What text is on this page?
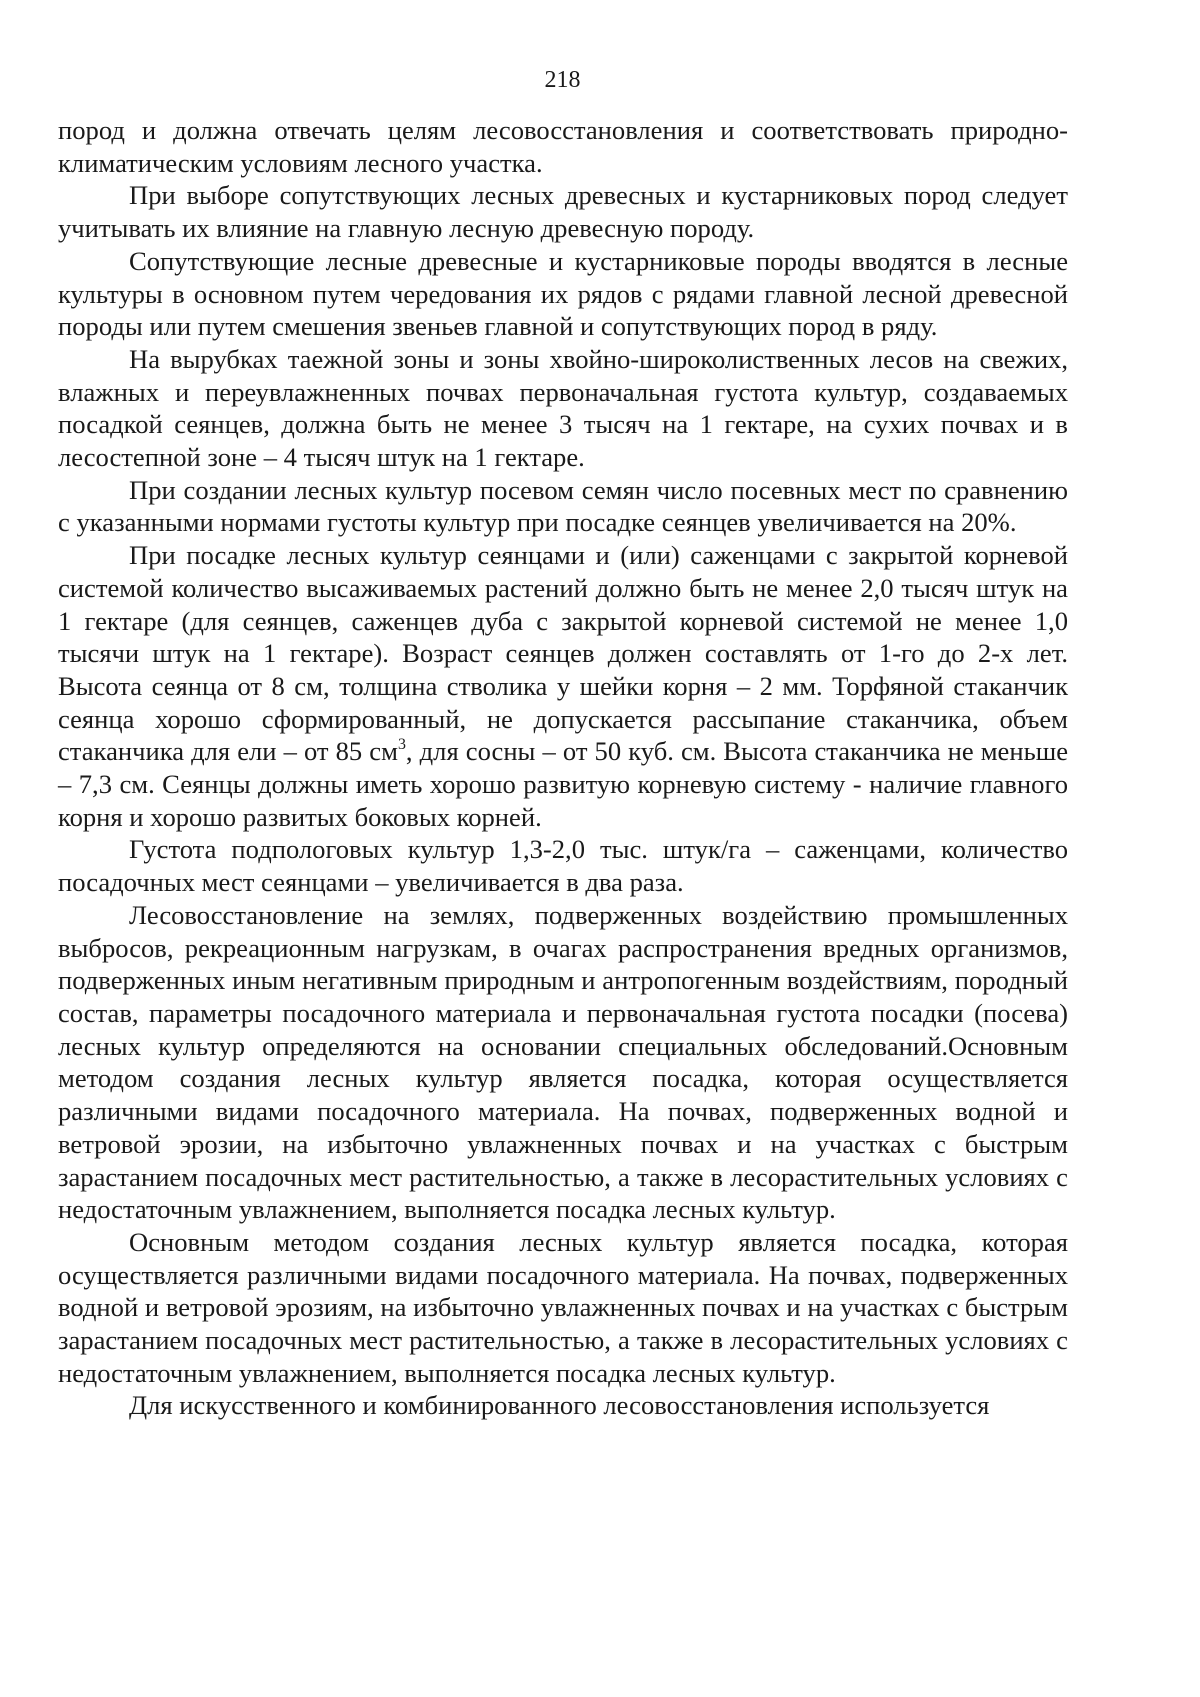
218

пород и должна отвечать целям лесовосстановления и соответствовать природно-климатическим условиям лесного участка.

При выборе сопутствующих лесных древесных и кустарниковых пород следует учитывать их влияние на главную лесную древесную породу.

Сопутствующие лесные древесные и кустарниковые породы вводятся в лесные культуры в основном путем чередования их рядов с рядами главной лесной древесной породы или путем смешения звеньев главной и сопутствующих пород в ряду.

На вырубках таежной зоны и зоны хвойно-широколиственных лесов на свежих, влажных и переувлажненных почвах первоначальная густота культур, создаваемых посадкой сеянцев, должна быть не менее 3 тысяч на 1 гектаре, на сухих почвах и в лесостепной зоне – 4 тысяч штук на 1 гектаре.

При создании лесных культур посевом семян число посевных мест по сравнению с указанными нормами густоты культур при посадке сеянцев увеличивается на 20%.

При посадке лесных культур сеянцами и (или) саженцами с закрытой корневой системой количество высаживаемых растений должно быть не менее 2,0 тысяч штук на 1 гектаре (для сеянцев, саженцев дуба с закрытой корневой системой не менее 1,0 тысячи штук на 1 гектаре). Возраст сеянцев должен составлять от 1-го до 2-х лет. Высота сеянца от 8 см, толщина стволика у шейки корня – 2 мм. Торфяной стаканчик сеянца хорошо сформированный, не допускается рассыпание стаканчика, объем стаканчика для ели – от 85 $см^3$, для сосны – от 50 куб. см. Высота стаканчика не меньше – 7,3 см. Сеянцы должны иметь хорошо развитую корневую систему - наличие главного корня и хорошо развитых боковых корней.

Густота подпологовых культур 1,3-2,0 тыс. штук/га – саженцами, количество посадочных мест сеянцами – увеличивается в два раза.

Лесовосстановление на землях, подверженных воздействию промышленных выбросов, рекреационным нагрузкам, в очагах распространения вредных организмов, подверженных иным негативным природным и антропогенным воздействиям, породный состав, параметры посадочного материала и первоначальная густота посадки (посева) лесных культур определяются на основании специальных обследований.Основным методом создания лесных культур является посадка, которая осуществляется различными видами посадочного материала. На почвах, подверженных водной и ветровой эрозии, на избыточно увлажненных почвах и на участках с быстрым зарастанием посадочных мест растительностью, а также в лесорастительных условиях с недостаточным увлажнением, выполняется посадка лесных культур.

Основным методом создания лесных культур является посадка, которая осуществляется различными видами посадочного материала. На почвах, подверженных водной и ветровой эрозиям, на избыточно увлажненных почвах и на участках с быстрым зарастанием посадочных мест растительностью, а также в лесорастительных условиях с недостаточным увлажнением, выполняется посадка лесных культур.

Для искусственного и комбинированного лесовосстановления используется
